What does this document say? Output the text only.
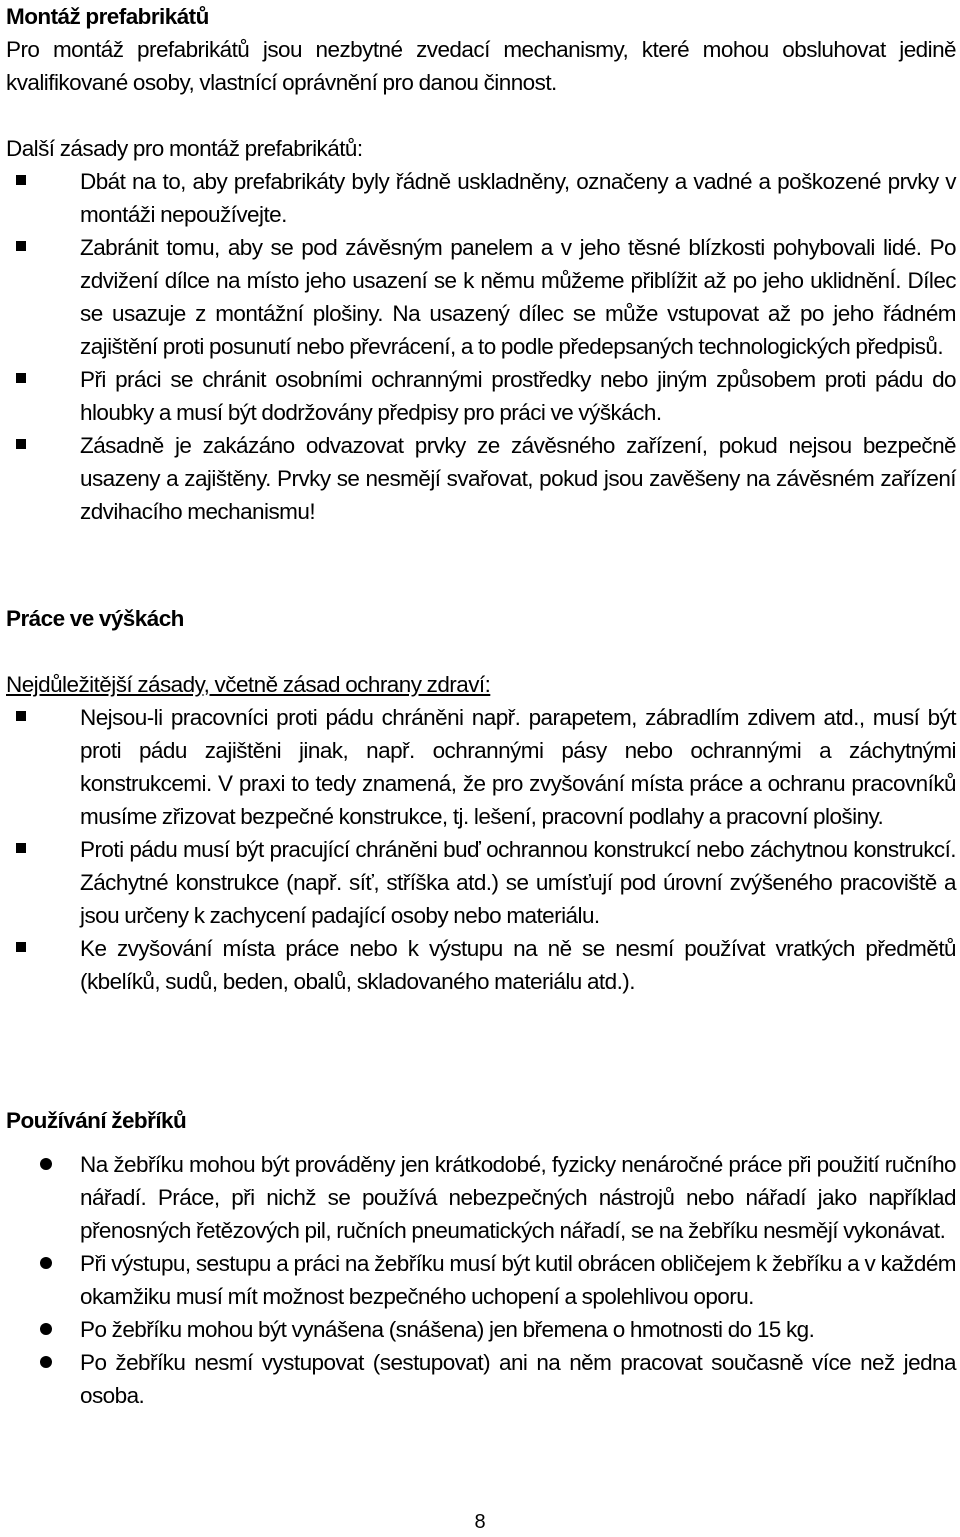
Montáž prefabrikátů

Pro montáž prefabrikátů jsou nezbytné zvedací mechanismy, které mohou obsluhovat jedině kvalifikované osoby, vlastnící oprávnění pro danou činnost.

Další zásady pro montáž prefabrikátů:

Dbát na to, aby prefabrikáty byly řádně uskladněny, označeny a vadné a poškozené prvky v montáži nepoužívejte.
Zabránit tomu, aby se pod závěsným panelem a v jeho těsné blízkosti pohybovali lidé. Po zdvižení dílce na místo jeho usazení se k němu můžeme přiblížit až po jeho uklidněnÍ. Dílec se usazuje z montážní plošiny. Na usazený dílec se může vstupovat až po jeho řádném zajištění proti posunutí nebo převrácení, a to podle předepsaných technologických předpisů.
Při práci se chránit osobními ochrannými prostředky nebo jiným způsobem proti pádu do hloubky a musí být dodržovány předpisy pro práci ve výškách.
Zásadně je zakázáno odvazovat prvky ze závěsného zařízení, pokud nejsou bezpečně usazeny a zajištěny. Prvky se nesmějí svařovat, pokud jsou zavěšeny na závěsném zařízení zdvihacího mechanismu!

Práce ve výškách

Nejdůležitější zásady, včetně zásad ochrany zdraví:

Nejsou-li pracovníci proti pádu chráněni např. parapetem, zábradlím zdivem atd., musí být proti pádu zajištěni jinak, např. ochrannými pásy nebo ochrannými a záchytnými konstrukcemi. V praxi to tedy znamená, že pro zvyšování místa práce a ochranu pracovníků musíme zřizovat bezpečné konstrukce, tj. lešení, pracovní podlahy a pracovní plošiny.
Proti pádu musí být pracující chráněni buď ochrannou konstrukcí nebo záchytnou konstrukcí. Záchytné konstrukce (např. síť, stříška atd.) se umísťují pod úrovní zvýšeného pracoviště a jsou určeny k zachycení padající osoby nebo materiálu.
Ke zvyšování místa práce nebo k výstupu na ně se nesmí používat vratkých předmětů (kbelíků, sudů, beden, obalů, skladovaného materiálu atd.).

Používání žebříků

Na žebříku mohou být prováděny jen krátkodobé, fyzicky nenáročné práce při použití ručního nářadí. Práce, při nichž se používá nebezpečných nástrojů nebo nářadí jako například přenosných řetězových pil, ručních pneumatických nářadí, se na žebříku nesmějí vykonávat.
Při výstupu, sestupu a práci na žebříku musí být kutil obrácen obličejem k žebříku a v každém okamžiku musí mít možnost bezpečného uchopení a spolehlivou oporu.
Po žebříku mohou být vynášena (snášena) jen břemena o hmotnosti do 15 kg.
Po žebříku nesmí vystupovat (sestupovat) ani na něm pracovat současně více než jedna osoba.
8
